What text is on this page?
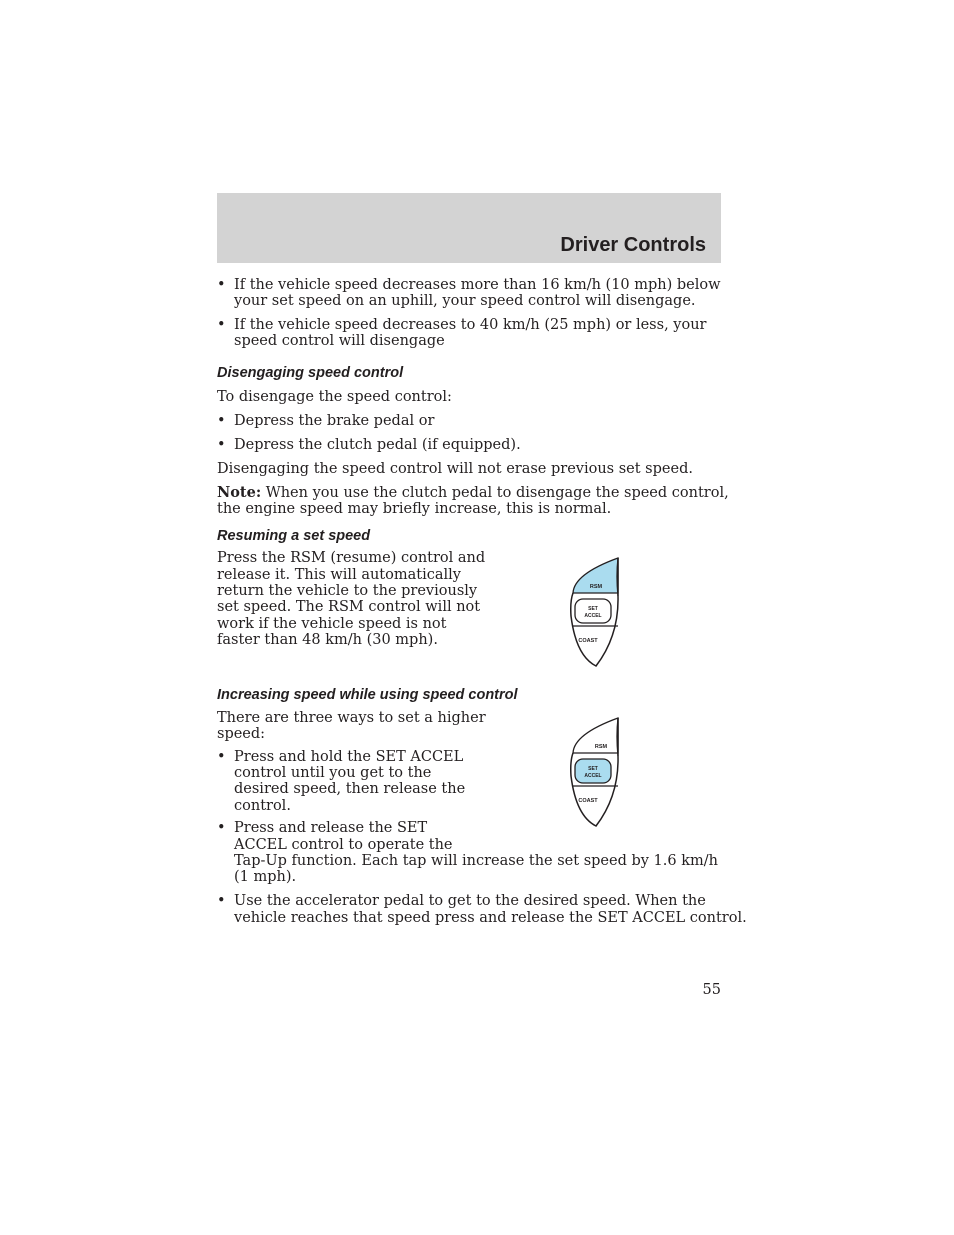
Driver Controls
• If the vehicle speed decreases more than 16 km/h (10 mph) below
your set speed on an uphill, your speed control will disengage.
• If the vehicle speed decreases to 40 km/h (25 mph) or less, your
speed control will disengage
Disengaging speed control
To disengage the speed control:
• Depress the brake pedal or
• Depress the clutch pedal (if equipped).
Disengaging the speed control will not erase previous set speed.
Note: When you use the clutch pedal to disengage the speed control,
the engine speed may briefly increase, this is normal.
Resuming a set speed
Press the RSM (resume) control and
release it. This will automatically
return the vehicle to the previously
set speed. The RSM control will not
work if the vehicle speed is not
faster than 48 km/h (30 mph).
RSM
SET
ACCEL
COAST
Increasing speed while using speed control
There are three ways to set a higher
speed:
• Press and hold the SET ACCEL
control until you get to the
desired speed, then release the
control.
• Press and release the SET
ACCEL control to operate the
Tap-Up function. Each tap will increase the set speed by 1.6 km/h
(1 mph).
• Use the accelerator pedal to get to the desired speed. When the
vehicle reaches that speed press and release the SET ACCEL control.
RSM
SET
ACCEL
COAST
55
